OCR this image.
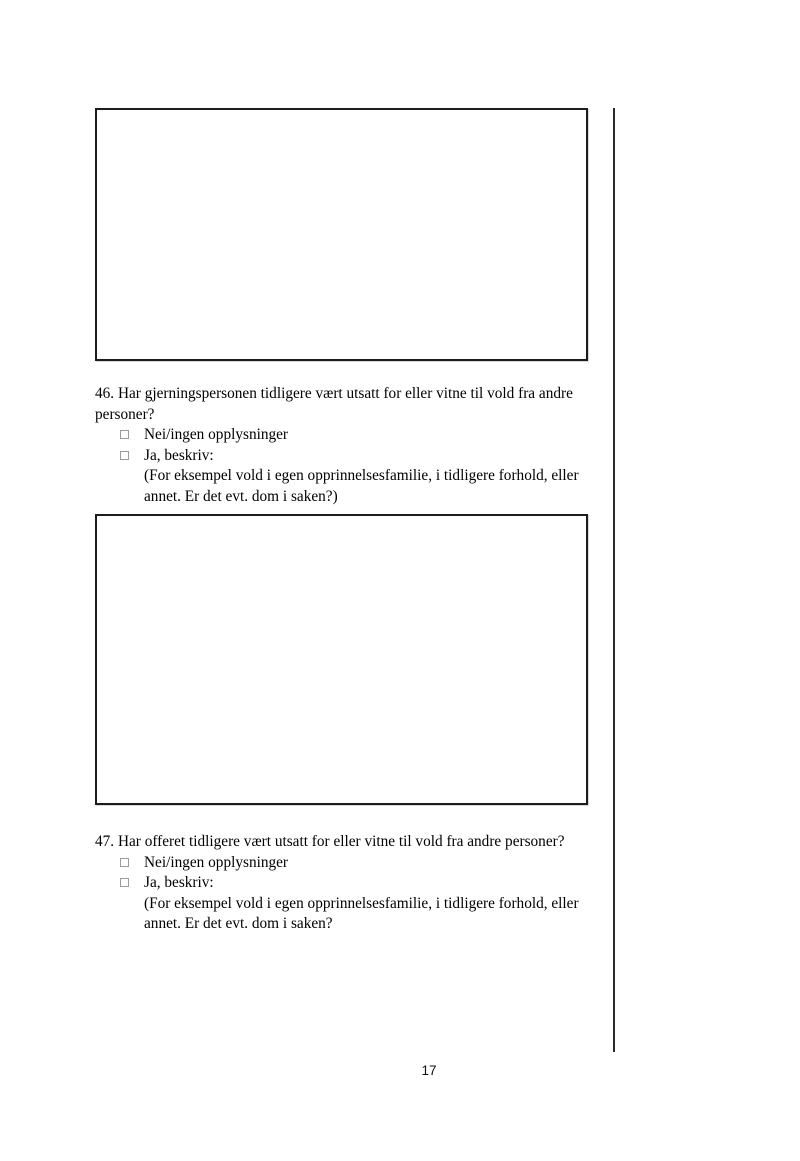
46. Har gjerningspersonen tidligere vært utsatt for eller vitne til vold fra andre
personer?
Nei/ingen opplysninger
Ja, beskriv:
(For eksempel vold i egen opprinnelsesfamilie, i tidligere forhold, eller
annet. Er det evt. dom i saken?)
47. Har offeret tidligere vært utsatt for eller vitne til vold fra andre personer?
Nei/ingen opplysninger
Ja, beskriv:
(For eksempel vold i egen opprinnelsesfamilie, i tidligere forhold, eller
annet. Er det evt. dom i saken?
17
